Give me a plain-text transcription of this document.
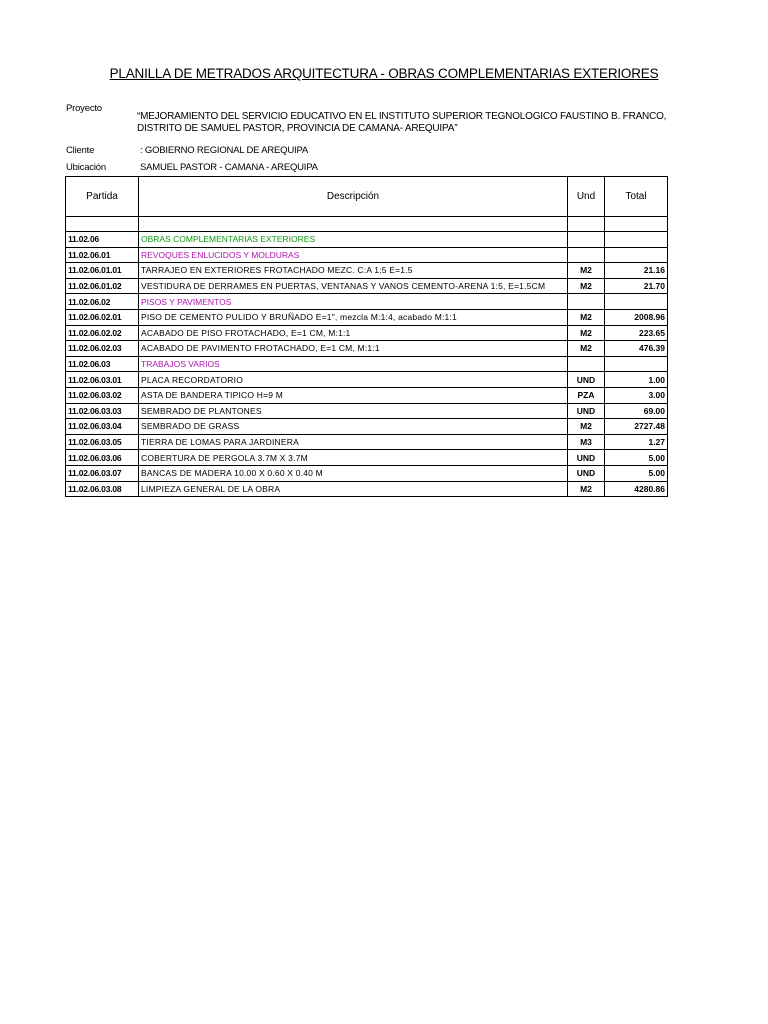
PLANILLA DE METRADOS ARQUITECTURA - OBRAS COMPLEMENTARIAS EXTERIORES
Proyecto
“MEJORAMIENTO DEL SERVICIO EDUCATIVO EN EL INSTITUTO SUPERIOR TEGNOLOGICO FAUSTINO B. FRANCO,
DISTRITO DE SAMUEL PASTOR, PROVINCIA DE CAMANA- AREQUIPA”
Cliente	: GOBIERNO REGIONAL DE AREQUIPA
Ubicación	SAMUEL PASTOR - CAMANA - AREQUIPA
Partida	Descripción	Und	Total

11.02.06	OBRAS COMPLEMENTARIAS EXTERIORES		
11.02.06.01	REVOQUES ENLUCIDOS Y MOLDURAS		
11.02.06.01.01	TARRAJEO EN EXTERIORES FROTACHADO MEZC. C:A 1:5 E=1.5	M2	21.16
11.02.06.01.02	VESTIDURA DE DERRAMES EN PUERTAS, VENTANAS Y VANOS CEMENTO-ARENA 1:5, E=1.5CM	M2	21.70
11.02.06.02	PISOS Y PAVIMENTOS		
11.02.06.02.01	PISO DE CEMENTO PULIDO Y BRUÑADO E=1", mezcla M:1:4, acabado M:1:1	M2	2008.96
11.02.06.02.02	ACABADO DE PISO FROTACHADO, E=1 CM, M:1:1	M2	223.65
11.02.06.02.03	ACABADO DE PAVIMENTO FROTACHADO, E=1 CM, M:1:1	M2	476.39
11.02.06.03	TRABAJOS VARIOS		
11.02.06.03.01	PLACA RECORDATORIO	UND	1.00
11.02.06.03.02	ASTA DE BANDERA TIPICO H=9 M	PZA	3.00
11.02.06.03.03	SEMBRADO DE PLANTONES	UND	69.00
11.02.06.03.04	SEMBRADO DE GRASS	M2	2727.48
11.02.06.03.05	TIERRA DE LOMAS PARA JARDINERA	M3	1.27
11.02.06.03.06	COBERTURA DE PERGOLA 3.7M X 3.7M	UND	5.00
11.02.06.03.07	BANCAS DE MADERA 10.00 X 0.60 X 0.40 M	UND	5.00
11.02.06.03.08	LIMPIEZA GENERAL DE LA OBRA	M2	4280.86
